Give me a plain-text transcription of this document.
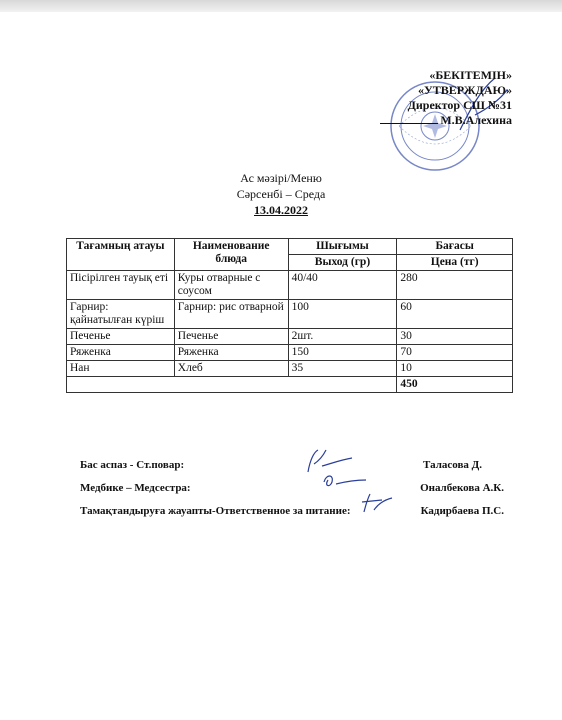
«БЕКІТЕМІН»
«УТВЕРЖДАЮ»
Директор СШ №31
М.В.Алехина
Ас мәзірі/Меню
Сәрсенбі – Среда
13.04.2022
Тағамның атауы	Наименование блюда	Шығымы	Бағасы
		Выход (гр)	Цена (тг)
Пісірілген тауық еті	Куры отварные с соусом	40/40	280
Гарнир: қайнатылған күріш	Гарнир: рис отварной	100	60
Печенье	Печенье	2шт.	30
Ряженка	Ряженка	150	70
Нан	Хлеб	35	10
			450
Бас аспаз - Ст.повар:	Таласова Д.
Медбике – Медсестра:	Оналбекова А.К.
Тамақтандыруға жауапты-Ответственное за питание:	Кадирбаева П.С.
